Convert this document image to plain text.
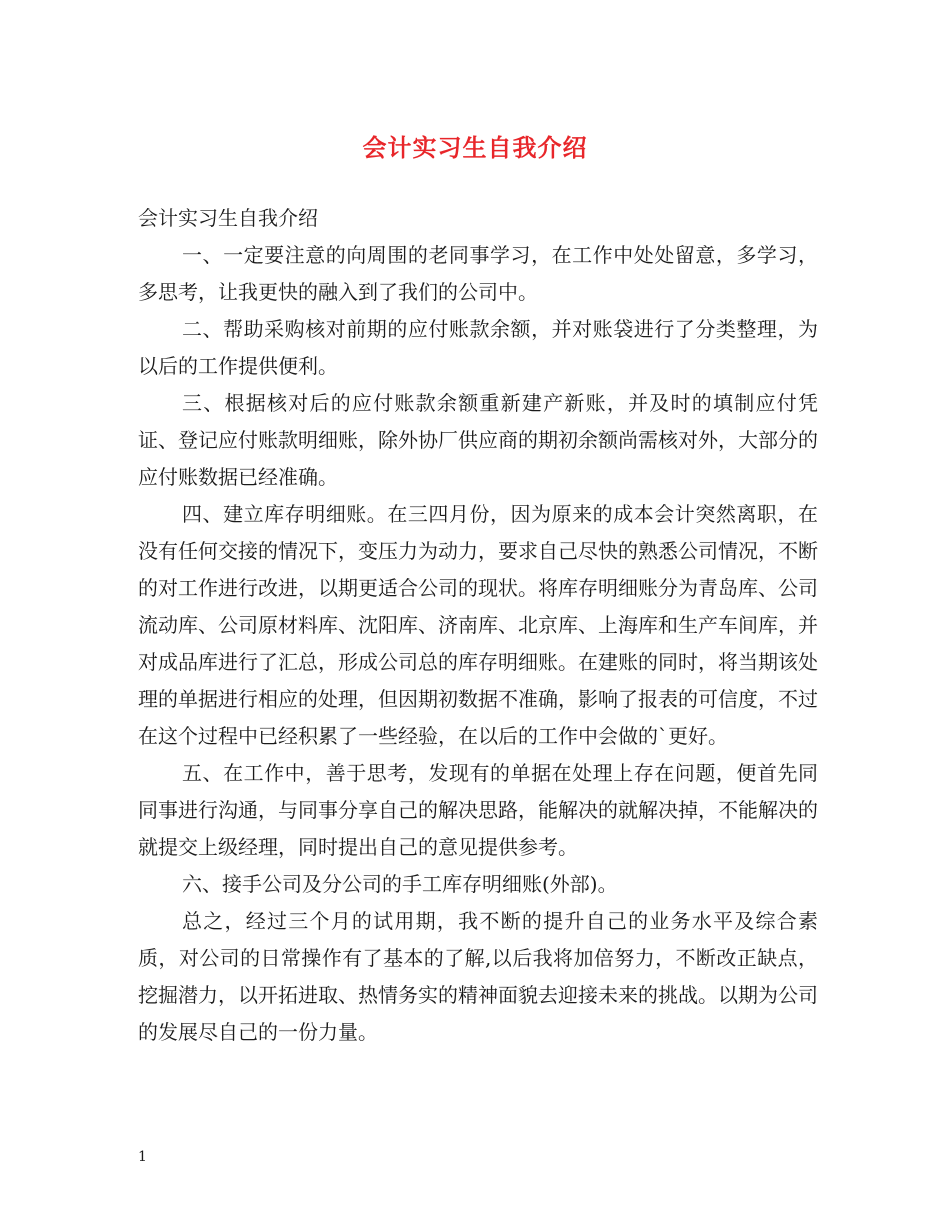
会计实习生自我介绍

会计实习生自我介绍

一、一定要注意的向周围的老同事学习，在工作中处处留意，多学习，多思考，让我更快的融入到了我们的公司中。

二、帮助采购核对前期的应付账款余额，并对账袋进行了分类整理，为以后的工作提供便利。

三、根据核对后的应付账款余额重新建产新账，并及时的填制应付凭证、登记应付账款明细账，除外协厂供应商的期初余额尚需核对外，大部分的应付账数据已经准确。

四、建立库存明细账。在三四月份，因为原来的成本会计突然离职，在没有任何交接的情况下，变压力为动力，要求自己尽快的熟悉公司情况，不断的对工作进行改进，以期更适合公司的现状。将库存明细账分为青岛库、公司流动库、公司原材料库、沈阳库、济南库、北京库、上海库和生产车间库，并对成品库进行了汇总，形成公司总的库存明细账。在建账的同时，将当期该处理的单据进行相应的处理，但因期初数据不准确，影响了报表的可信度，不过在这个过程中已经积累了一些经验，在以后的工作中会做的`更好。

五、在工作中，善于思考，发现有的单据在处理上存在问题，便首先同同事进行沟通，与同事分享自己的解决思路，能解决的就解决掉，不能解决的就提交上级经理，同时提出自己的意见提供参考。

六、接手公司及分公司的手工库存明细账(外部)。

总之，经过三个月的试用期，我不断的提升自己的业务水平及综合素质，对公司的日常操作有了基本的了解,以后我将加倍努力，不断改正缺点，挖掘潜力，以开拓进取、热情务实的精神面貌去迎接未来的挑战。以期为公司的发展尽自己的一份力量。

1
